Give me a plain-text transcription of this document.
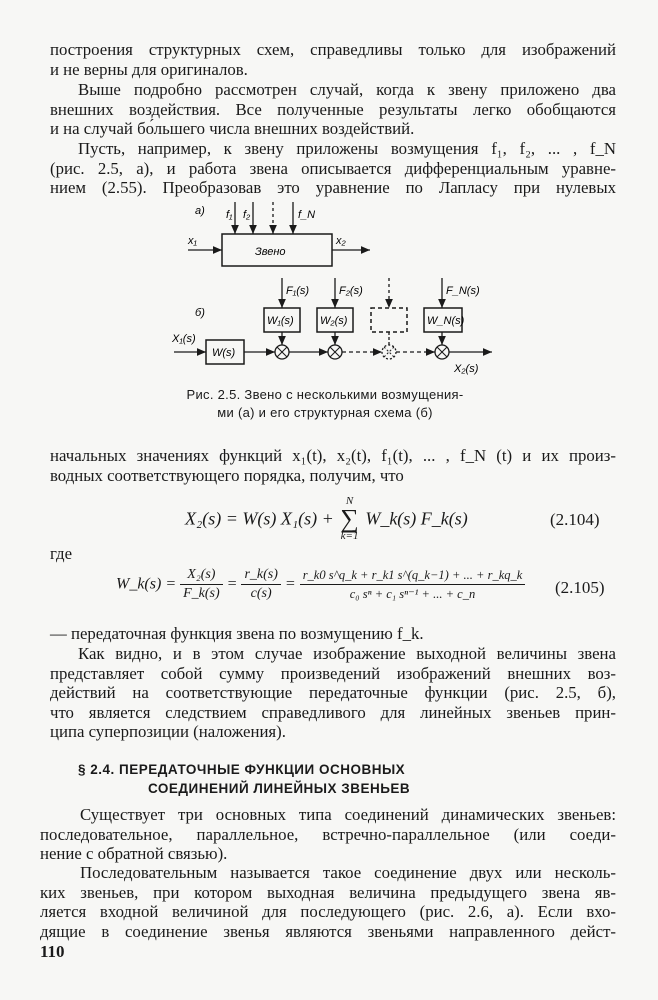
построения структурных схем, справедливы только для изображений
и не верны для оригиналов.
Выше подробно рассмотрен случай, когда к звену приложено два
внешних воздействия. Все полученные результаты легко обобщаются
и на случай бо́льшего числа внешних воздействий.
Пусть, например, к звену приложены возмущения f₁, f₂, ... , f_N
(рис. 2.5, а), и работа звена описывается дифференциальным уравне-
нием (2.55). Преобразовав это уравнение по Лапласу при нулевых
а)
Звено
x₁	x₂
f₁ f₂	f_N
б)
W(s)
X₁(s)
W₁(s)
F₁(s)
W₂(s)
F₂(s)
W_N(s)
F_N(s)
X₂(s)
Рис. 2.5. Звено с несколькими возмущения-
ми (а) и его структурная схема (б)
начальных значениях функций x₁(t), x₂(t), f₁(t), ... , f_N (t) и их произ-
водных соответствующего порядка, получим, что
X₂(s) = W(s) X₁(s) +
N
∑
k=1
W_k(s) F_k(s)	(2.104)
где
W_k(s) = $\frac{\text{X₂(s)}}{F\_k(s)} = \frac{r\_k(s)}{c(s)} = \frac{r\_k0 s\^{}q\_k + r\_k1 s\^{}(q\_k-1) + ... + r\_kq\_k}{\text{c₀ sⁿ + c₁ sⁿ⁻¹ + ... + c\_n}} (2.105)$
— передаточная функция звена по возмущению f_k.
Как видно, и в этом случае изображение выходной величины звена
представляет собой сумму произведений изображений внешних воз-
действий на соответствующие передаточные функции (рис. 2.5, б),
что является следствием справедливого для линейных звеньев прин-
ципа суперпозиции (наложения).
§ 2.4. ПЕРЕДАТОЧНЫЕ ФУНКЦИИ ОСНОВНЫХ
СОЕДИНЕНИЙ ЛИНЕЙНЫХ ЗВЕНЬЕВ
Существует три основных типа соединений динамических звеньев:
последовательное, параллельное, встречно-параллельное (или соеди-
нение с обратной связью).
Последовательным называется такое соединение двух или несколь-
ких звеньев, при котором выходная величина предыдущего звена яв-
ляется входной величиной для последующего (рис. 2.6, а). Если вхо-
дящие в соединение звенья являются звеньями направленного дейст-
110
